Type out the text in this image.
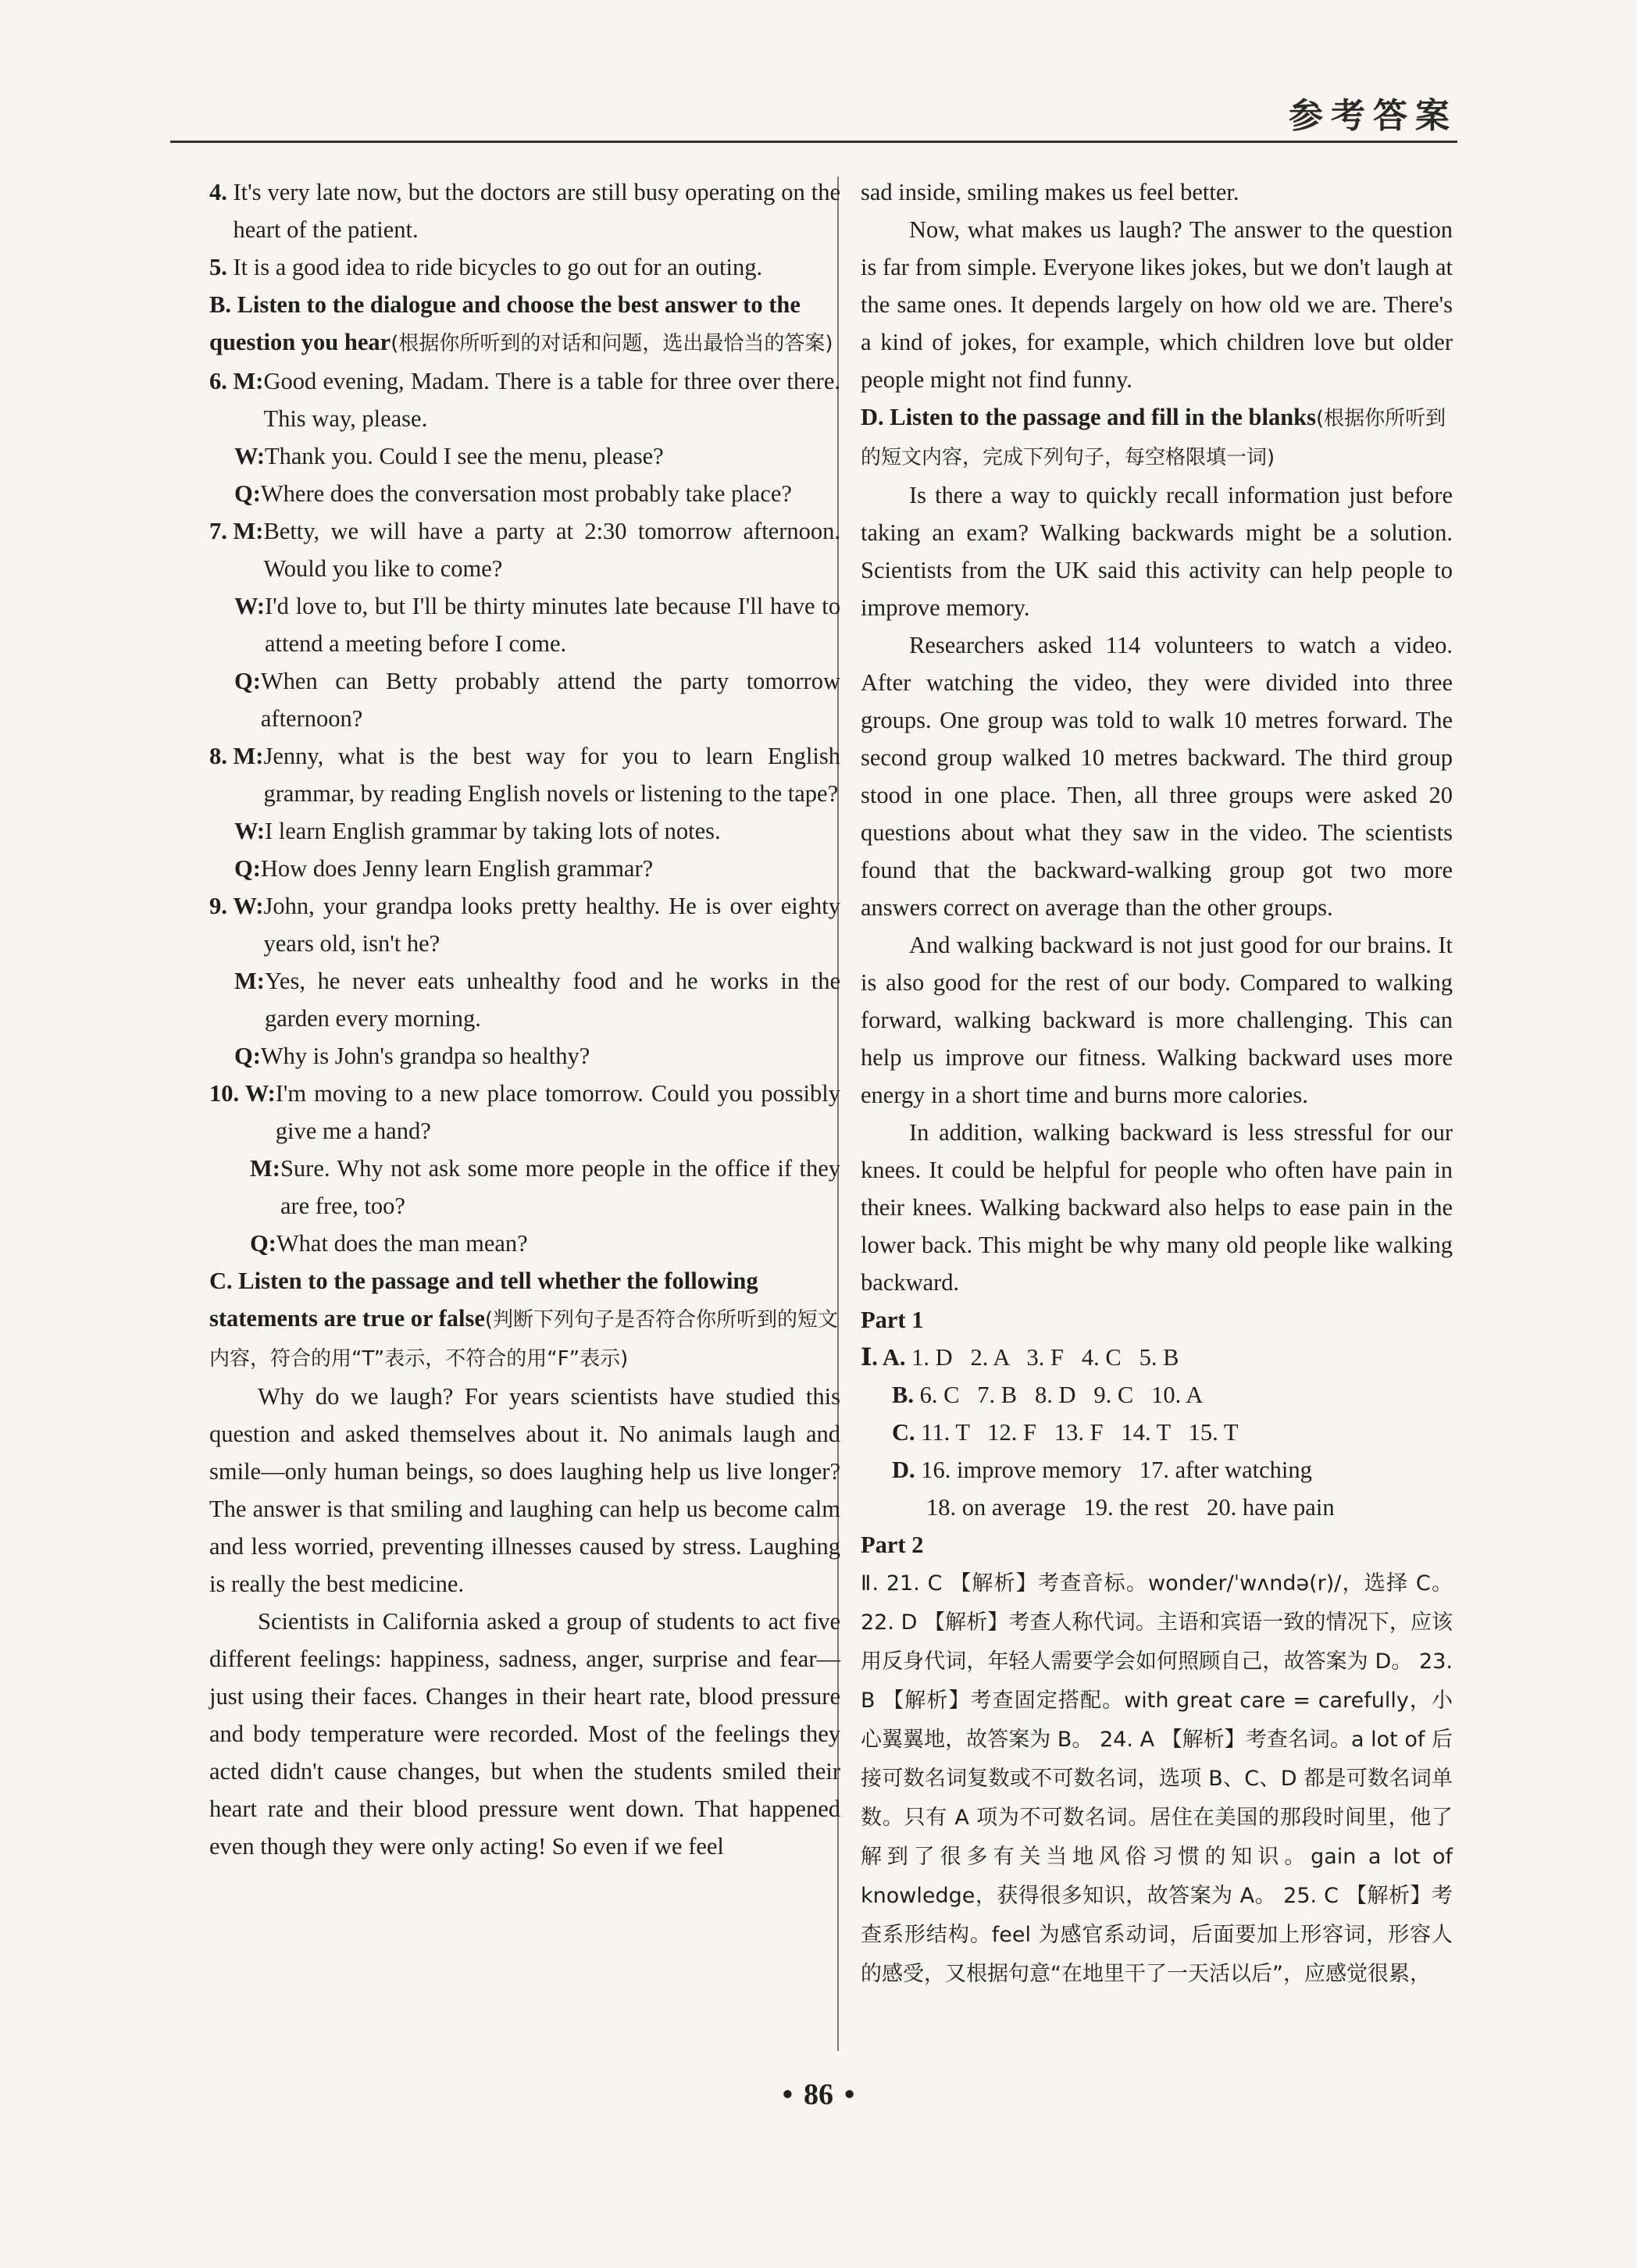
参考答案
4. It's very late now, but the doctors are still busy operating on the heart of the patient.
5. It is a good idea to ride bicycles to go out for an outing.

B. Listen to the dialogue and choose the best answer to the question you hear(根据你所听到的对话和问题，选出最恰当的答案)

6. M: Good evening, Madam. There is a table for three over there. This way, please.
W: Thank you. Could I see the menu, please?
Q: Where does the conversation most probably take place?
7. M: Betty, we will have a party at 2:30 tomorrow afternoon. Would you like to come?
W: I'd love to, but I'll be thirty minutes late because I'll have to attend a meeting before I come.
Q: When can Betty probably attend the party tomorrow afternoon?
8. M: Jenny, what is the best way for you to learn English grammar, by reading English novels or listening to the tape?
W: I learn English grammar by taking lots of notes.
Q: How does Jenny learn English grammar?
9. W: John, your grandpa looks pretty healthy. He is over eighty years old, isn't he?
M: Yes, he never eats unhealthy food and he works in the garden every morning.
Q: Why is John's grandpa so healthy?
10. W: I'm moving to a new place tomorrow. Could you possibly give me a hand?
M: Sure. Why not ask some more people in the office if they are free, too?
Q: What does the man mean?

C. Listen to the passage and tell whether the following statements are true or false(判断下列句子是否符合你所听到的短文内容，符合的用“T”表示，不符合的用“F”表示)

Why do we laugh? For years scientists have studied this question and asked themselves about it. No animals laugh and smile—only human beings, so does laughing help us live longer? The answer is that smiling and laughing can help us become calm and less worried, preventing illnesses caused by stress. Laughing is really the best medicine.

Scientists in California asked a group of students to act five different feelings: happiness, sadness, anger, surprise and fear—just using their faces. Changes in their heart rate, blood pressure and body temperature were recorded. Most of the feelings they acted didn't cause changes, but when the students smiled their heart rate and their blood pressure went down. That happened even though they were only acting! So even if we feel

sad inside, smiling makes us feel better.

Now, what makes us laugh? The answer to the question is far from simple. Everyone likes jokes, but we don't laugh at the same ones. It depends largely on how old we are. There's a kind of jokes, for example, which children love but older people might not find funny.

D. Listen to the passage and fill in the blanks(根据你所听到的短文内容，完成下列句子，每空格限填一词)

Is there a way to quickly recall information just before taking an exam? Walking backwards might be a solution. Scientists from the UK said this activity can help people to improve memory.

Researchers asked 114 volunteers to watch a video. After watching the video, they were divided into three groups. One group was told to walk 10 metres forward. The second group walked 10 metres backward. The third group stood in one place. Then, all three groups were asked 20 questions about what they saw in the video. The scientists found that the backward-walking group got two more answers correct on average than the other groups.

And walking backward is not just good for our brains. It is also good for the rest of our body. Compared to walking forward, walking backward is more challenging. This can help us improve our fitness. Walking backward uses more energy in a short time and burns more calories.

In addition, walking backward is less stressful for our knees. It could be helpful for people who often have pain in their knees. Walking backward also helps to ease pain in the lower back. This might be why many old people like walking backward.

Part 1

Ⅰ. A. 1. D   2. A   3. F   4. C   5. B
B. 6. C   7. B   8. D   9. C   10. A
C. 11. T   12. F   13. F   14. T   15. T
D. 16. improve memory   17. after watching
18. on average   19. the rest   20. have pain

Part 2

Ⅱ. 21. C 【解析】考查音标。wonder/ˈwʌndə(r)/，选择 C。 22. D 【解析】考查人称代词。主语和宾语一致的情况下，应该用反身代词，年轻人需要学会如何照顾自己，故答案为 D。 23. B 【解析】考查固定搭配。with great care = carefully，小心翼翼地，故答案为 B。 24. A 【解析】考查名词。a lot of 后接可数名词复数或不可数名词，选项 B、C、D 都是可数名词单数。只有 A 项为不可数名词。居住在美国的那段时间里，他了解到了很多有关当地风俗习惯的知识。gain a lot of knowledge，获得很多知识，故答案为 A。 25. C 【解析】考查系形结构。feel 为感官系动词，后面要加上形容词，形容人的感受，又根据句意“在地里干了一天活以后”，应感觉很累，

• 86 •
